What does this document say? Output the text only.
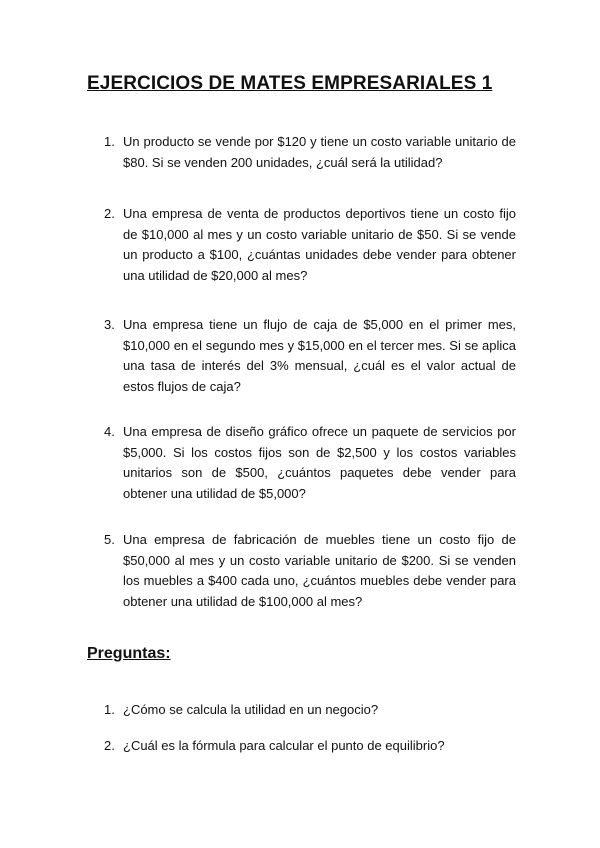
EJERCICIOS DE MATES EMPRESARIALES 1
1. Un producto se vende por $120 y tiene un costo variable unitario de $80. Si se venden 200 unidades, ¿cuál será la utilidad?
2. Una empresa de venta de productos deportivos tiene un costo fijo de $10,000 al mes y un costo variable unitario de $50. Si se vende un producto a $100, ¿cuántas unidades debe vender para obtener una utilidad de $20,000 al mes?
3. Una empresa tiene un flujo de caja de $5,000 en el primer mes, $10,000 en el segundo mes y $15,000 en el tercer mes. Si se aplica una tasa de interés del 3% mensual, ¿cuál es el valor actual de estos flujos de caja?
4. Una empresa de diseño gráfico ofrece un paquete de servicios por $5,000. Si los costos fijos son de $2,500 y los costos variables unitarios son de $500, ¿cuántos paquetes debe vender para obtener una utilidad de $5,000?
5. Una empresa de fabricación de muebles tiene un costo fijo de $50,000 al mes y un costo variable unitario de $200. Si se venden los muebles a $400 cada uno, ¿cuántos muebles debe vender para obtener una utilidad de $100,000 al mes?
Preguntas:
1. ¿Cómo se calcula la utilidad en un negocio?
2. ¿Cuál es la fórmula para calcular el punto de equilibrio?
